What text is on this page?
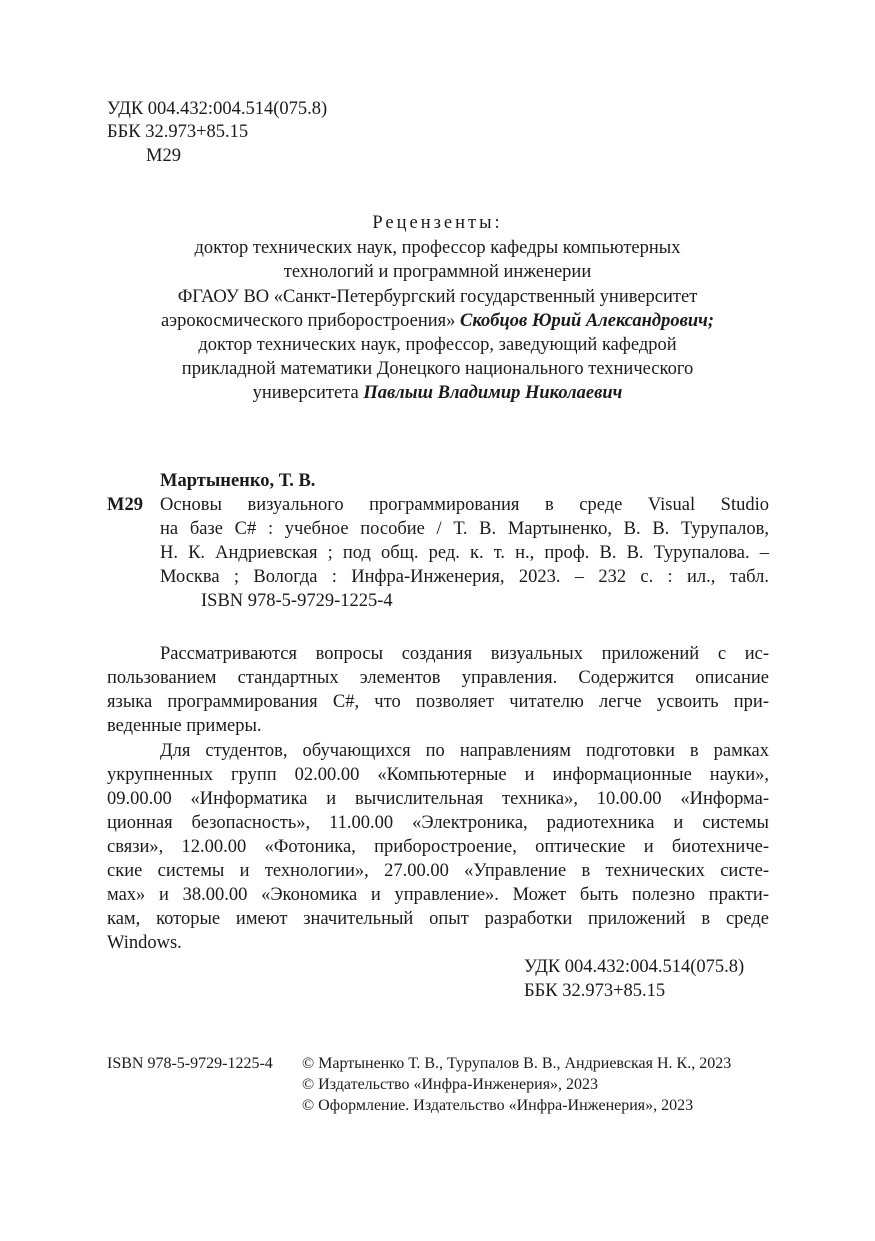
УДК 004.432:004.514(075.8)
ББК 32.973+85.15
М29
Рецензенты:
доктор технических наук, профессор кафедры компьютерных
технологий и программной инженерии
ФГАОУ ВО «Санкт-Петербургский государственный университет
аэрокосмического приборостроения» Скобцов Юрий Александрович;
доктор технических наук, профессор, заведующий кафедрой
прикладной математики Донецкого национального технического
университета Павлыш Владимир Николаевич
Мартыненко, Т. В.
М29 Основы визуального программирования в среде Visual Studio
на базе C# : учебное пособие / Т. В. Мартыненко, В. В. Турупалов,
Н. К. Андриевская ; под общ. ред. к. т. н., проф. В. В. Турупалова. –
Москва ; Вологда : Инфра-Инженерия, 2023. – 232 с. : ил., табл.
ISBN 978-5-9729-1225-4
Рассматриваются вопросы создания визуальных приложений с ис-
пользованием стандартных элементов управления. Содержится описание
языка программирования C#, что позволяет читателю легче усвоить при-
веденные примеры.
Для студентов, обучающихся по направлениям подготовки в рамках
укрупненных групп 02.00.00 «Компьютерные и информационные науки»,
09.00.00 «Информатика и вычислительная техника», 10.00.00 «Информа-
ционная безопасность», 11.00.00 «Электроника, радиотехника и системы
связи», 12.00.00 «Фотоника, приборостроение, оптические и биотехниче-
ские системы и технологии», 27.00.00 «Управление в технических систе-
мах» и 38.00.00 «Экономика и управление». Может быть полезно практи-
кам, которые имеют значительный опыт разработки приложений в среде
Windows.
УДК 004.432:004.514(075.8)
ББК 32.973+85.15
ISBN 978-5-9729-1225-4 © Мартыненко Т. В., Турупалов В. В., Андриевская Н. К., 2023
© Издательство «Инфра-Инженерия», 2023
© Оформление. Издательство «Инфра-Инженерия», 2023
